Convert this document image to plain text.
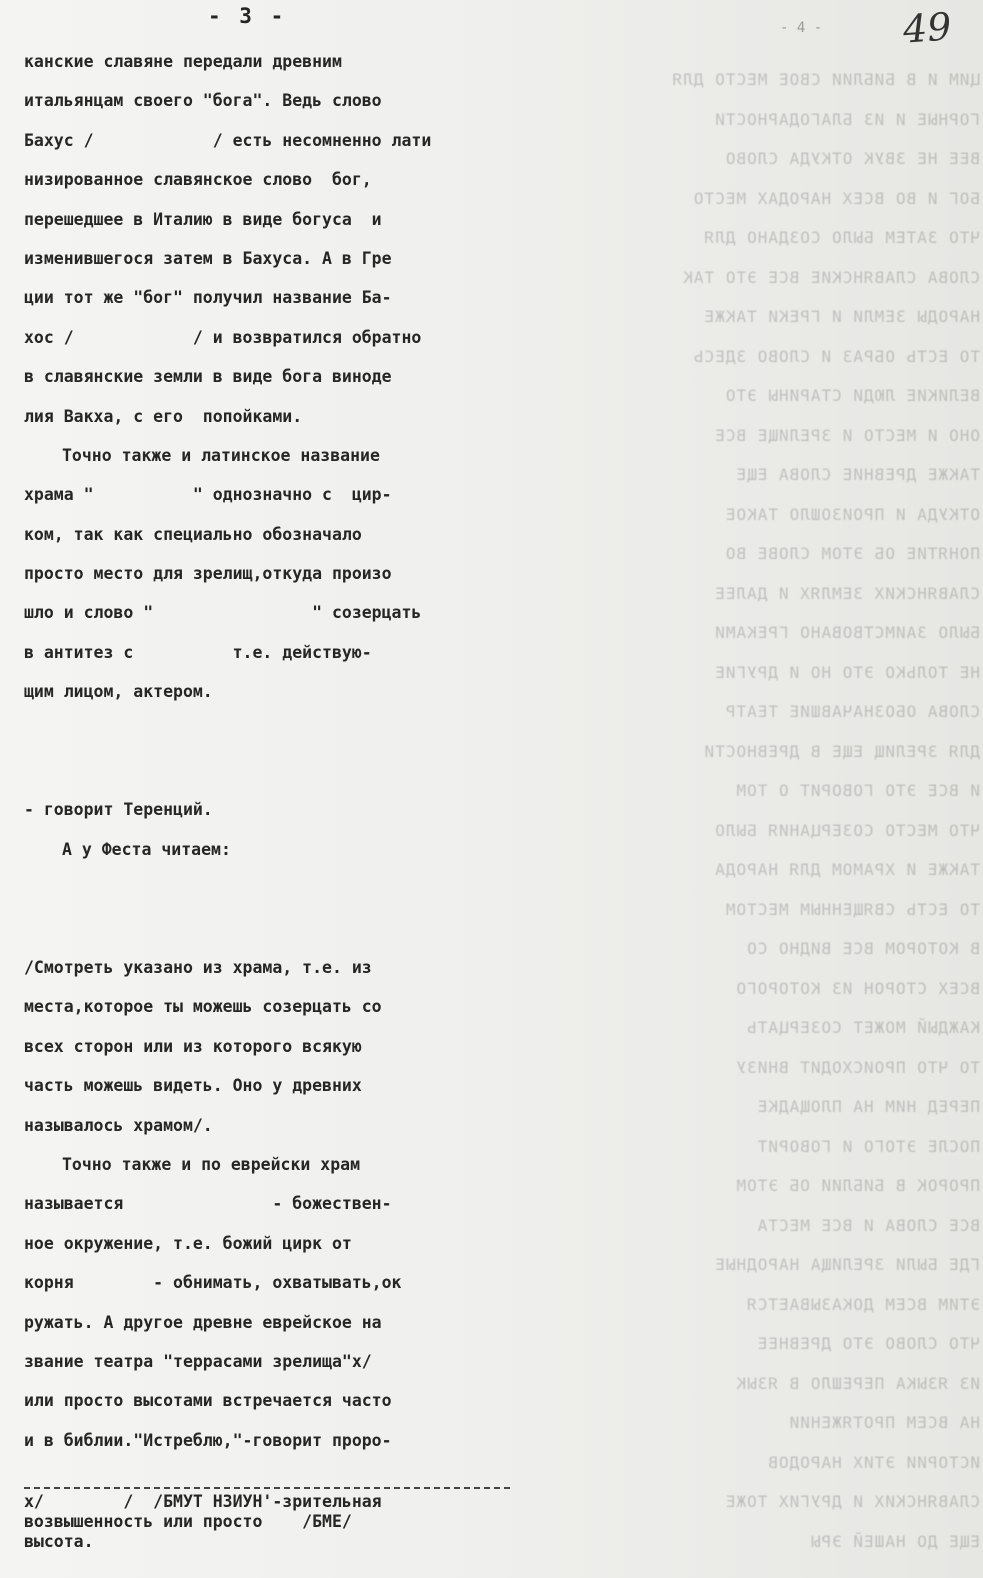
ЦИМ И В БИБЛИИ СВОЕ МЕСТО ДЛЯ
ГОРНЫЕ И ИЗ БЛАГОДАРНОСТИ
ВЕЕ НЕ ЗВУК ОТКУДА СЛОВО
БОГ И ВО ВСЕХ НАРОДАХ МЕСТО
ЧТО ЗАТЕМ БЫЛО СОЗДАНО ДЛЯ
СЛОВА СЛАВЯНСКИЕ ВСЕ ЭТО ТАК
НАРОДЫ ЗЕМЛИ И ГРЕКИ ТАКЖЕ
ТО ЕСТЬ ОБРАЗ И СЛОВО ЗДЕСЬ
ВЕЛИКИЕ ЛЮДИ СТАРИНЫ ЭТО
ОНО И МЕСТО И ЗРЕЛИЩЕ ВСЕ
ТАКЖЕ ДРЕВНИЕ СЛОВА ЕЩЕ
ОТКУДА И ПРОИЗОШЛО ТАКОЕ
ПОНЯТИЕ ОБ ЭТОМ СЛОВЕ ВО
СЛАВЯНСКИХ ЗЕМЛЯХ И ДАЛЕЕ
БЫЛО ЗАИМСТВОВАНО ГРЕКАМИ
НЕ ТОЛЬКО ЭТО НО И ДРУГИЕ
СЛОВА ОБОЗНАЧАВШИЕ ТЕАТР
ДЛЯ ЗРЕЛИЩ ЕЩЕ В ДРЕВНОСТИ
И ВСЕ ЭТО ГОВОРИТ О ТОМ
ЧТО МЕСТО СОЗЕРЦАНИЯ БЫЛО
ТАКЖЕ И ХРАМОМ ДЛЯ НАРОДА
ТО ЕСТЬ СВЯЩЕННЫМ МЕСТОМ
В КОТОРОМ ВСЕ ВИДНО СО
ВСЕХ СТОРОН ИЗ КОТОРОГО
КАЖДЫЙ МОЖЕТ СОЗЕРЦАТЬ
ТО ЧТО ПРОИСХОДИТ ВНИЗУ
ПЕРЕД НИМ НА ПЛОЩАДКЕ
ПОСЛЕ ЭТОГО И ГОВОРИТ
ПРОРОК В БИБЛИИ ОБ ЭТОМ
ВСЕ СЛОВА И ВСЕ МЕСТА
ГДЕ БЫЛИ ЗРЕЛИЩА НАРОДНЫЕ
ЭТИМ ВСЕМ ДОКАЗЫВАЕТСЯ
ЧТО СЛОВО ЭТО ДРЕВНЕЕ
ИЗ ЯЗЫКА ПЕРЕШЛО В ЯЗЫК
НА ВСЕМ ПРОТЯЖЕНИИ
ИСТОРИИ ЭТИХ НАРОДОВ
СЛАВЯНСКИХ И ДРУГИХ ТОЖЕ
ЕЩЕ ДО НАШЕЙ ЭРЫ
- 3 -	- 4 - 49
канские славяне передали древним
итальянцам своего "бога". Ведь слово
Бахус /            / есть несомненно лати
низированное славянское слово  бог,
перешедшее в Италию в виде богуса  и
изменившегося затем в Бахуса. А в Гре
ции тот же "бог" получил название Ба-
хос /            / и возвратился обратно
в славянские земли в виде бога виноде
лия Вакха, с его  попойками.
Точно также и латинское название
храма "          " однозначно с  цир-
ком, так как специально обозначало
просто место для зрелищ,откуда произо
шло и слово "                " созерцать
в антитез с          т.е. действую-
щим лицом, актером.
- говорит Теренций.
А у Феста читаем:
/Смотреть указано из храма, т.е. из
места,которое ты можешь созерцать со
всех сторон или из которого всякую
часть можешь видеть. Оно у древних
называлось храмом/.
Точно также и по еврейски храм
называется               - божествен-
ное окружение, т.е. божий цирк от
корня        - обнимать, охватывать,ок
ружать. А другое древне еврейское на
звание театра "террасами зрелища"х/
или просто высотами встречается часто
и в библии."Истреблю,"-говорит проро-
х/        /  /БМУТ НЗИУН'-зрительная
возвышенность или просто    /БМЕ/
высота.
